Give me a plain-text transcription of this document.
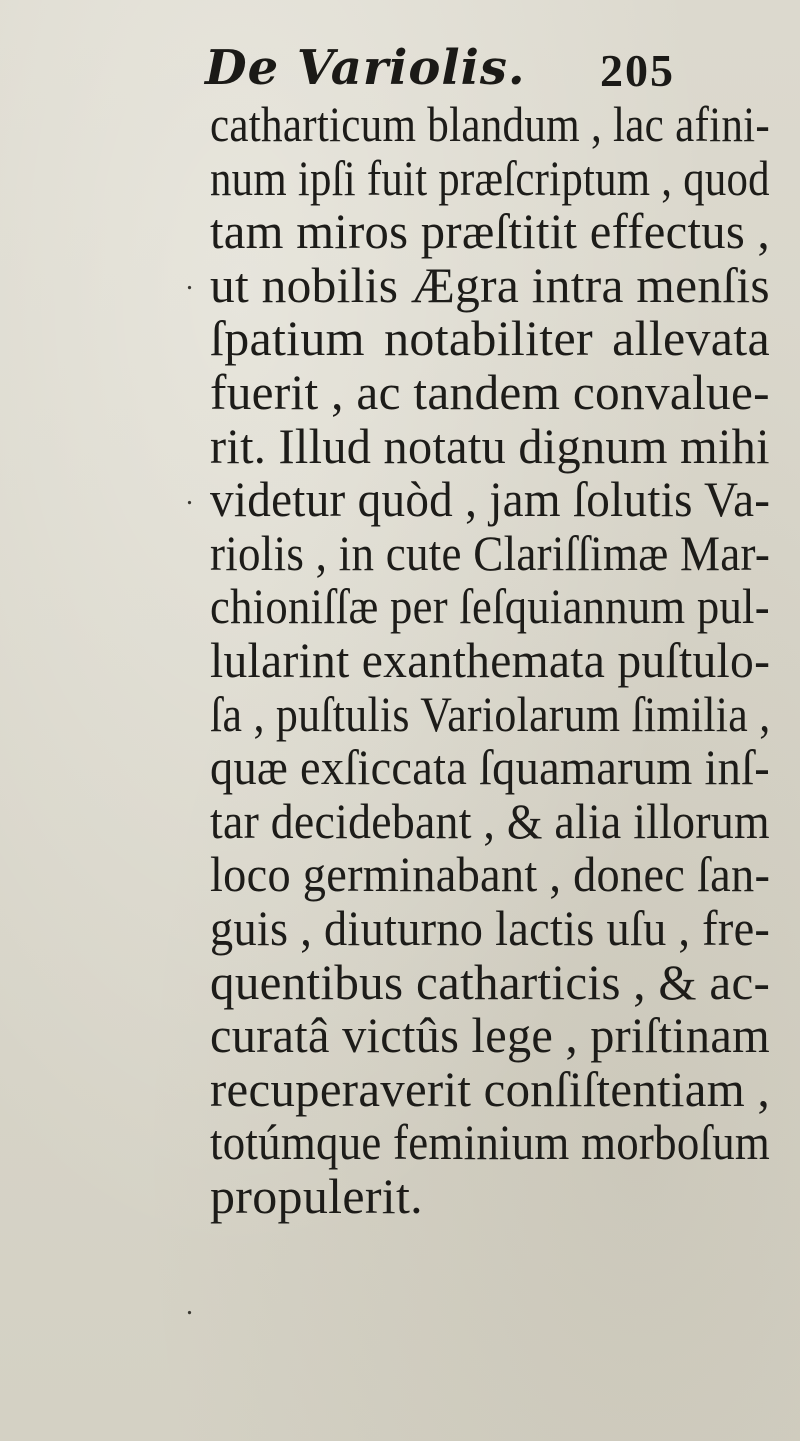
De Variolis. 205
.
.
.
catharticum blandum , lac afini-
num ipſi fuit præſcriptum , quod
tam miros præſtitit effectus ,
ut nobilis Ægra intra menſis
ſpatium notabiliter allevata
fuerit , ac tandem convalue-
rit. Illud notatu dignum mihi
videtur quòd , jam ſolutis Va-
riolis , in cute Clariſſimæ Mar-
chioniſſæ per ſeſquiannum pul-
lularint exanthemata puſtulo-
ſa , puſtulis Variolarum ſimilia ,
quæ exſiccata ſquamarum inſ-
tar decidebant , & alia illorum
loco germinabant , donec ſan-
guis , diuturno lactis uſu , fre-
quentibus catharticis , & ac-
curatâ victûs lege , priſtinam
recuperaverit conſiſtentiam ,
totúmque feminium morboſum
propulerit.
